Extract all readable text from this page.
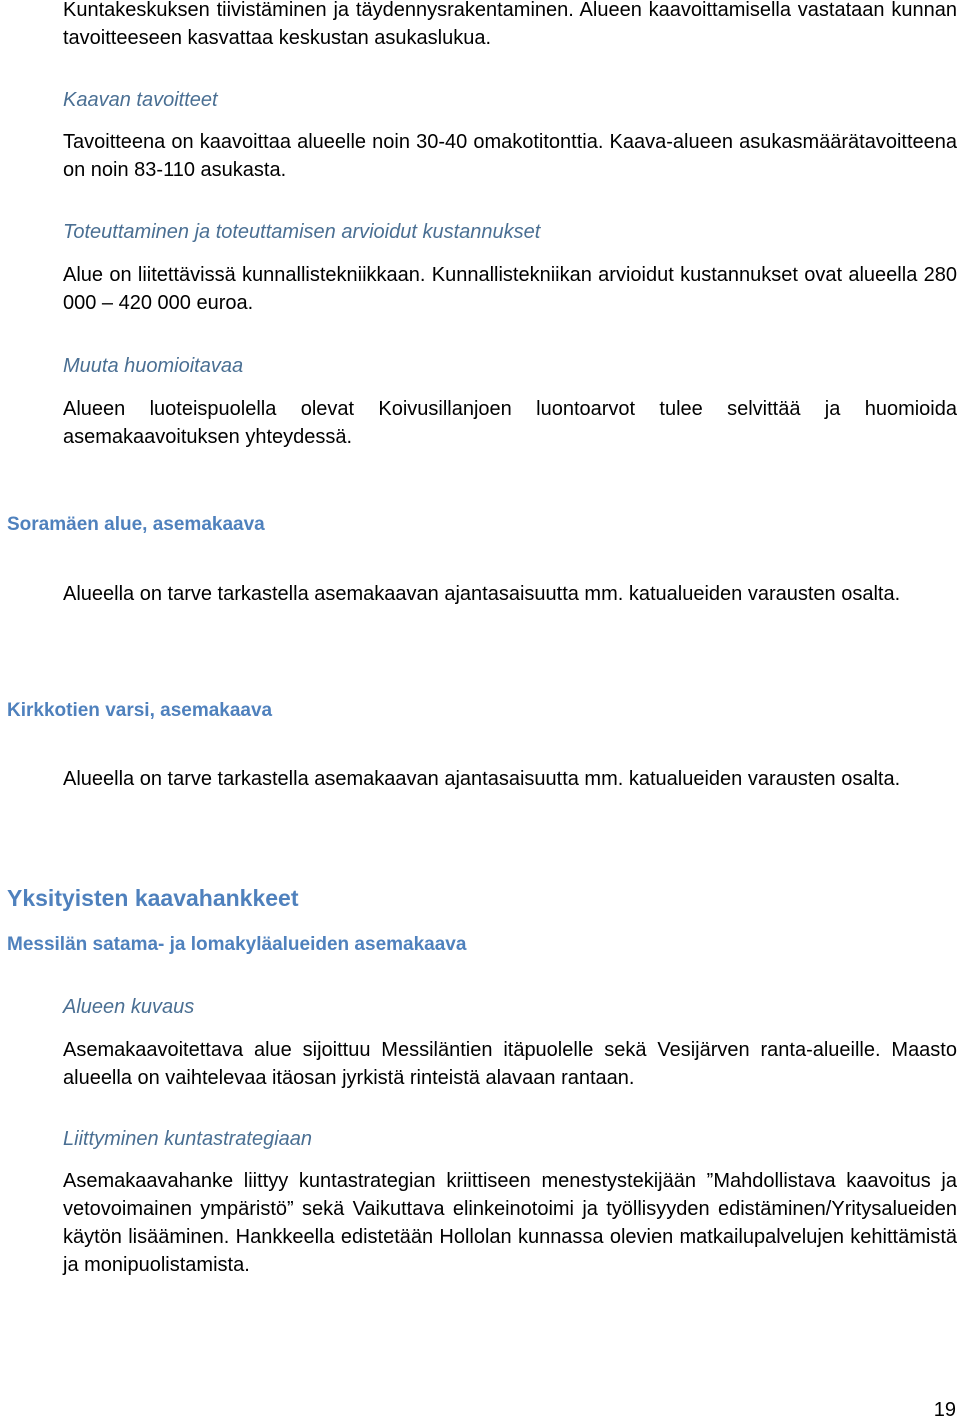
Kuntakeskuksen tiivistäminen ja täydennysrakentaminen. Alueen kaavoittamisella vastataan kunnan tavoitteeseen kasvattaa keskustan asukaslukua.

Kaavan tavoitteet

Tavoitteena on kaavoittaa alueelle noin 30-40 omakotitonttia. Kaava-alueen asukasmäärätavoitteena on noin 83-110 asukasta.

Toteuttaminen ja toteuttamisen arvioidut kustannukset

Alue on liitettävissä kunnallistekniikkaan. Kunnallistekniikan arvioidut kustannukset ovat alueella 280 000 – 420 000 euroa.

Muuta huomioitavaa

Alueen luoteispuolella olevat Koivusillanjoen luontoarvot tulee selvittää ja huomioida asemakaavoituksen yhteydessä.

Soramäen alue, asemakaava

Alueella on tarve tarkastella asemakaavan ajantasaisuutta mm. katualueiden varausten osalta.

Kirkkotien varsi, asemakaava

Alueella on tarve tarkastella asemakaavan ajantasaisuutta mm. katualueiden varausten osalta.

Yksityisten kaavahankkeet

Messilän satama- ja lomakyläalueiden asemakaava

Alueen kuvaus

Asemakaavoitettava alue sijoittuu Messiläntien itäpuolelle sekä Vesijärven ranta-alueille. Maasto alueella on vaihtelevaa itäosan jyrkistä rinteistä alavaan rantaan.

Liittyminen kuntastrategiaan

Asemakaavahanke liittyy kuntastrategian kriittiseen menestystekijään ”Mahdollistava kaavoitus ja vetovoimainen ympäristö” sekä Vaikuttava elinkeinotoimi ja työllisyyden edistäminen/Yritysalueiden käytön lisääminen. Hankkeella edistetään Hollolan kunnassa olevien matkailupalvelujen kehittämistä ja monipuolistamista.

19
